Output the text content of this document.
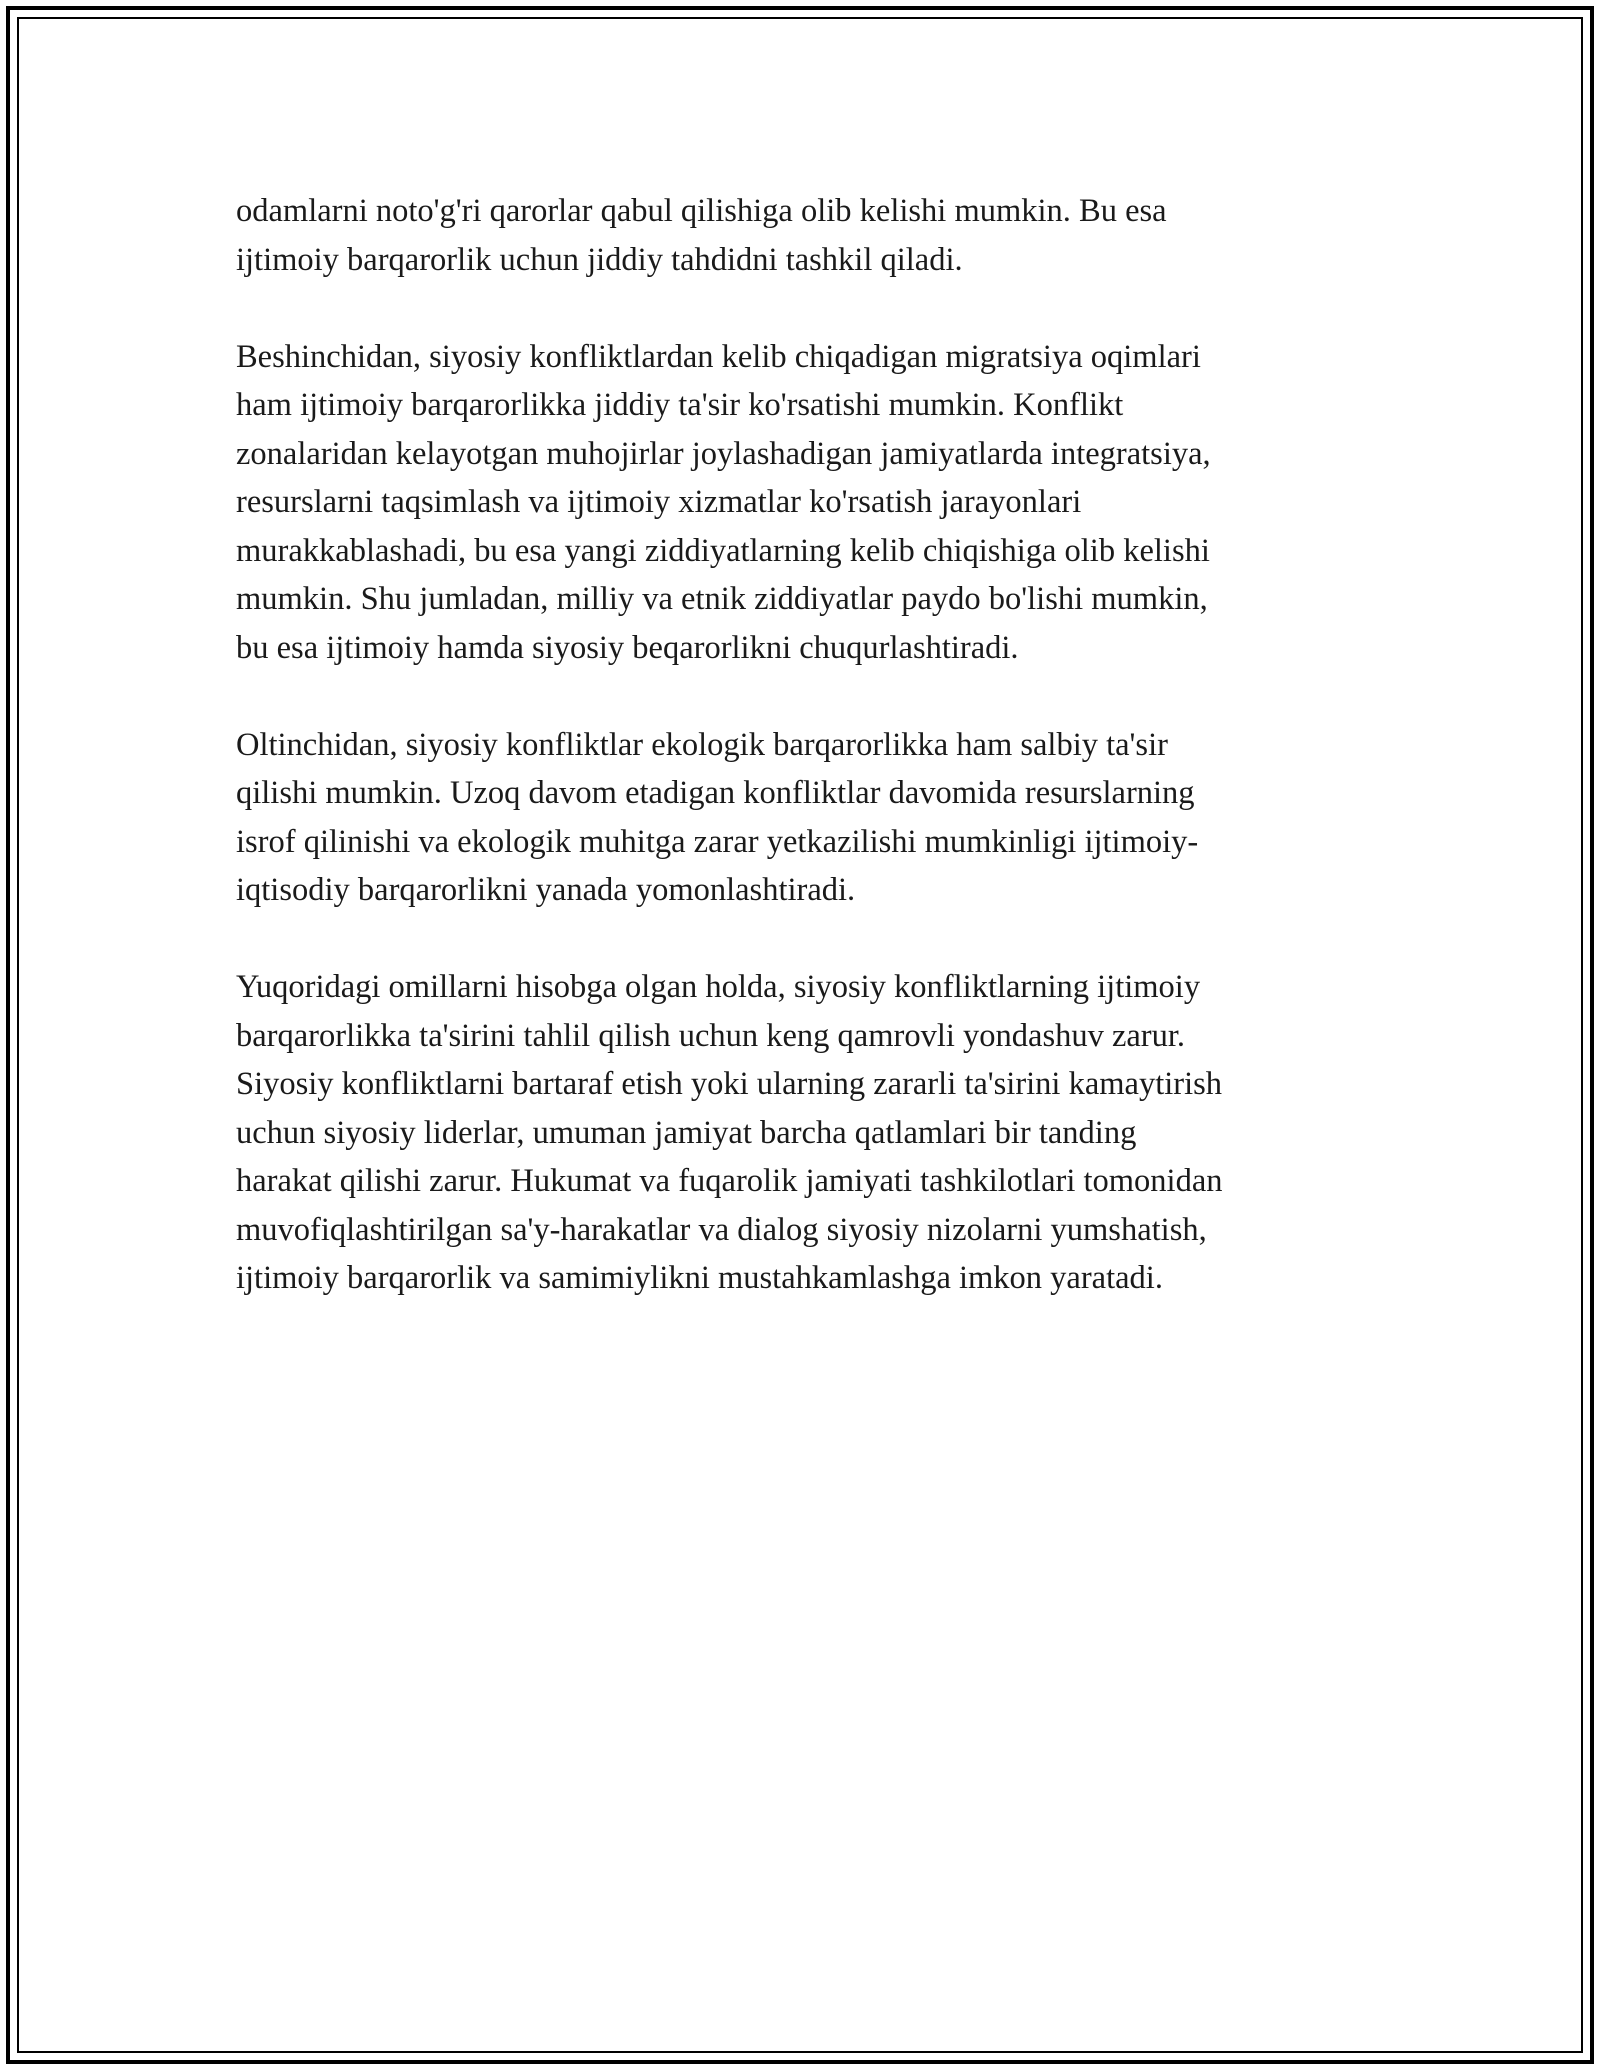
odamlarni noto'g'ri qarorlar qabul qilishiga olib kelishi mumkin. Bu esa
ijtimoiy barqarorlik uchun jiddiy tahdidni tashkil qiladi.

Beshinchidan, siyosiy konfliktlardan kelib chiqadigan migratsiya oqimlari
ham ijtimoiy barqarorlikka jiddiy ta'sir ko'rsatishi mumkin. Konflikt
zonalaridan kelayotgan muhojirlar joylashadigan jamiyatlarda integratsiya,
resurslarni taqsimlash va ijtimoiy xizmatlar ko'rsatish jarayonlari
murakkablashadi, bu esa yangi ziddiyatlarning kelib chiqishiga olib kelishi
mumkin. Shu jumladan, milliy va etnik ziddiyatlar paydo bo'lishi mumkin,
bu esa ijtimoiy hamda siyosiy beqarorlikni chuqurlashtiradi.

Oltinchidan, siyosiy konfliktlar ekologik barqarorlikka ham salbiy ta'sir
qilishi mumkin. Uzoq davom etadigan konfliktlar davomida resurslarning
isrof qilinishi va ekologik muhitga zarar yetkazilishi mumkinligi ijtimoiy-
iqtisodiy barqarorlikni yanada yomonlashtiradi.

Yuqoridagi omillarni hisobga olgan holda, siyosiy konfliktlarning ijtimoiy
barqarorlikka ta'sirini tahlil qilish uchun keng qamrovli yondashuv zarur.
Siyosiy konfliktlarni bartaraf etish yoki ularning zararli ta'sirini kamaytirish
uchun siyosiy liderlar, umuman jamiyat barcha qatlamlari bir tanding
harakat qilishi zarur. Hukumat va fuqarolik jamiyati tashkilotlari tomonidan
muvofiqlashtirilgan sa'y-harakatlar va dialog siyosiy nizolarni yumshatish,
ijtimoiy barqarorlik va samimiylikni mustahkamlashga imkon yaratadi.
